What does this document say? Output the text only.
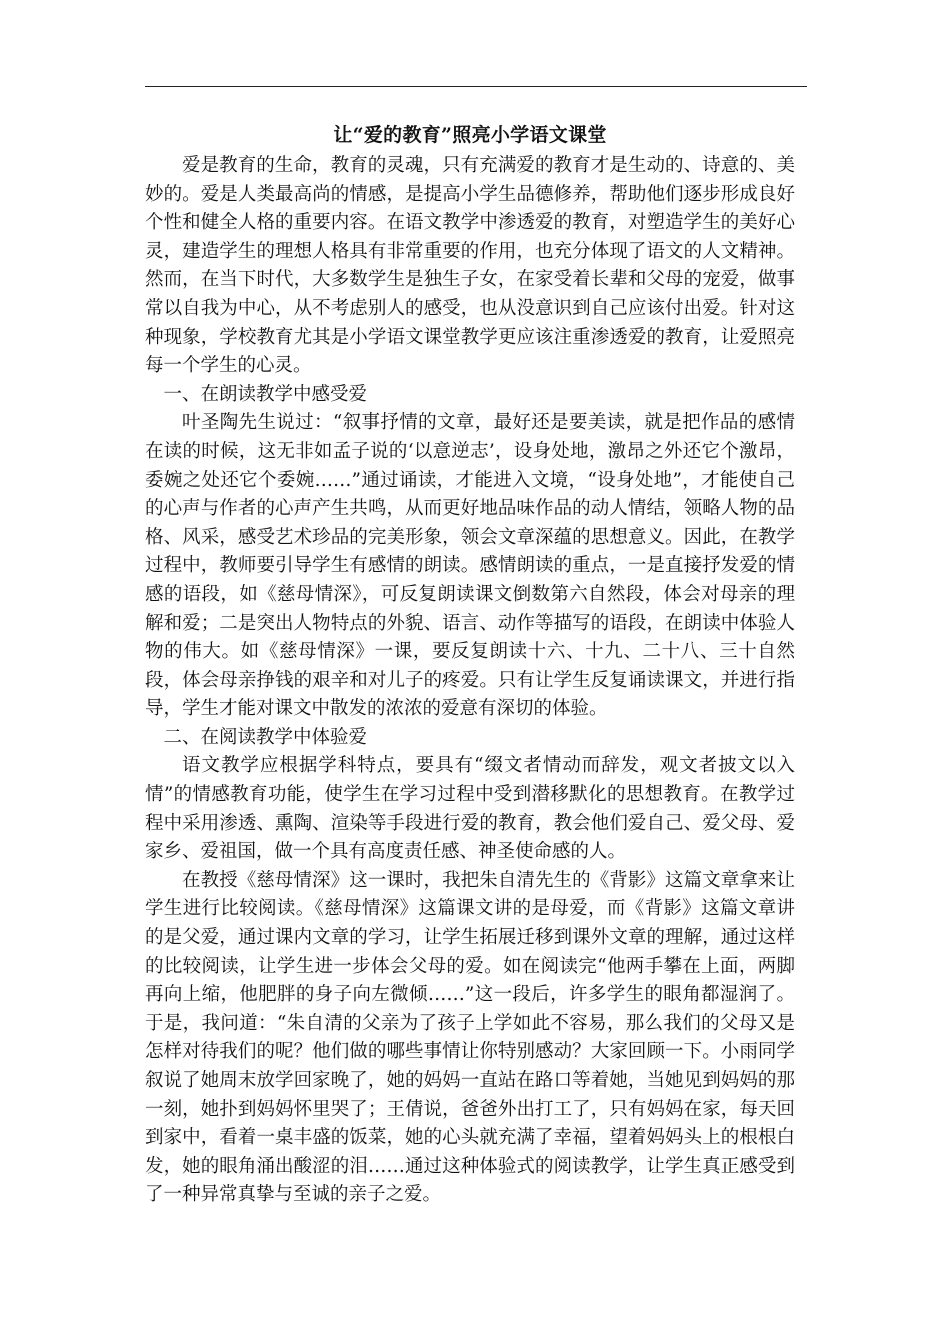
让“爱的教育”照亮小学语文课堂

爱是教育的生命，教育的灵魂，只有充满爱的教育才是生动的、诗意的、美妙的。爱是人类最高尚的情感，是提高小学生品德修养，帮助他们逐步形成良好个性和健全人格的重要内容。在语文教学中渗透爱的教育，对塑造学生的美好心灵，建造学生的理想人格具有非常重要的作用，也充分体现了语文的人文精神。然而，在当下时代，大多数学生是独生子女，在家受着长辈和父母的宠爱，做事常以自我为中心，从不考虑别人的感受，也从没意识到自己应该付出爱。针对这种现象，学校教育尤其是小学语文课堂教学更应该注重渗透爱的教育，让爱照亮每一个学生的心灵。

一、在朗读教学中感受爱

叶圣陶先生说过：“叙事抒情的文章，最好还是要美读，就是把作品的感情在读的时候，这无非如孟子说的‘以意逆志’，设身处地，激昂之外还它个激昂，委婉之处还它个委婉……”通过诵读，才能进入文境，“设身处地”，才能使自己的心声与作者的心声产生共鸣，从而更好地品味作品的动人情结，领略人物的品格、风采，感受艺术珍品的完美形象，领会文章深蕴的思想意义。因此，在教学过程中，教师要引导学生有感情的朗读。感情朗读的重点，一是直接抒发爱的情感的语段，如《慈母情深》，可反复朗读课文倒数第六自然段，体会对母亲的理解和爱；二是突出人物特点的外貌、语言、动作等描写的语段，在朗读中体验人物的伟大。如《慈母情深》一课，要反复朗读十六、十九、二十八、三十自然段，体会母亲挣钱的艰辛和对儿子的疼爱。只有让学生反复诵读课文，并进行指导，学生才能对课文中散发的浓浓的爱意有深切的体验。

二、在阅读教学中体验爱

语文教学应根据学科特点，要具有“缀文者情动而辞发，观文者披文以入情”的情感教育功能，使学生在学习过程中受到潜移默化的思想教育。在教学过程中采用渗透、熏陶、渲染等手段进行爱的教育，教会他们爱自己、爱父母、爱家乡、爱祖国，做一个具有高度责任感、神圣使命感的人。

在教授《慈母情深》这一课时，我把朱自清先生的《背影》这篇文章拿来让学生进行比较阅读。《慈母情深》这篇课文讲的是母爱，而《背影》这篇文章讲的是父爱，通过课内文章的学习，让学生拓展迁移到课外文章的理解，通过这样的比较阅读，让学生进一步体会父母的爱。如在阅读完“他两手攀在上面，两脚再向上缩，他肥胖的身子向左微倾……”这一段后，许多学生的眼角都湿润了。于是，我问道：“朱自清的父亲为了孩子上学如此不容易，那么我们的父母又是怎样对待我们的呢？他们做的哪些事情让你特别感动？大家回顾一下。小雨同学叙说了她周末放学回家晚了，她的妈妈一直站在路口等着她，当她见到妈妈的那一刻，她扑到妈妈怀里哭了；王倩说，爸爸外出打工了，只有妈妈在家，每天回到家中，看着一桌丰盛的饭菜，她的心头就充满了幸福，望着妈妈头上的根根白发，她的眼角涌出酸涩的泪……通过这种体验式的阅读教学，让学生真正感受到了一种异常真挚与至诚的亲子之爱。
